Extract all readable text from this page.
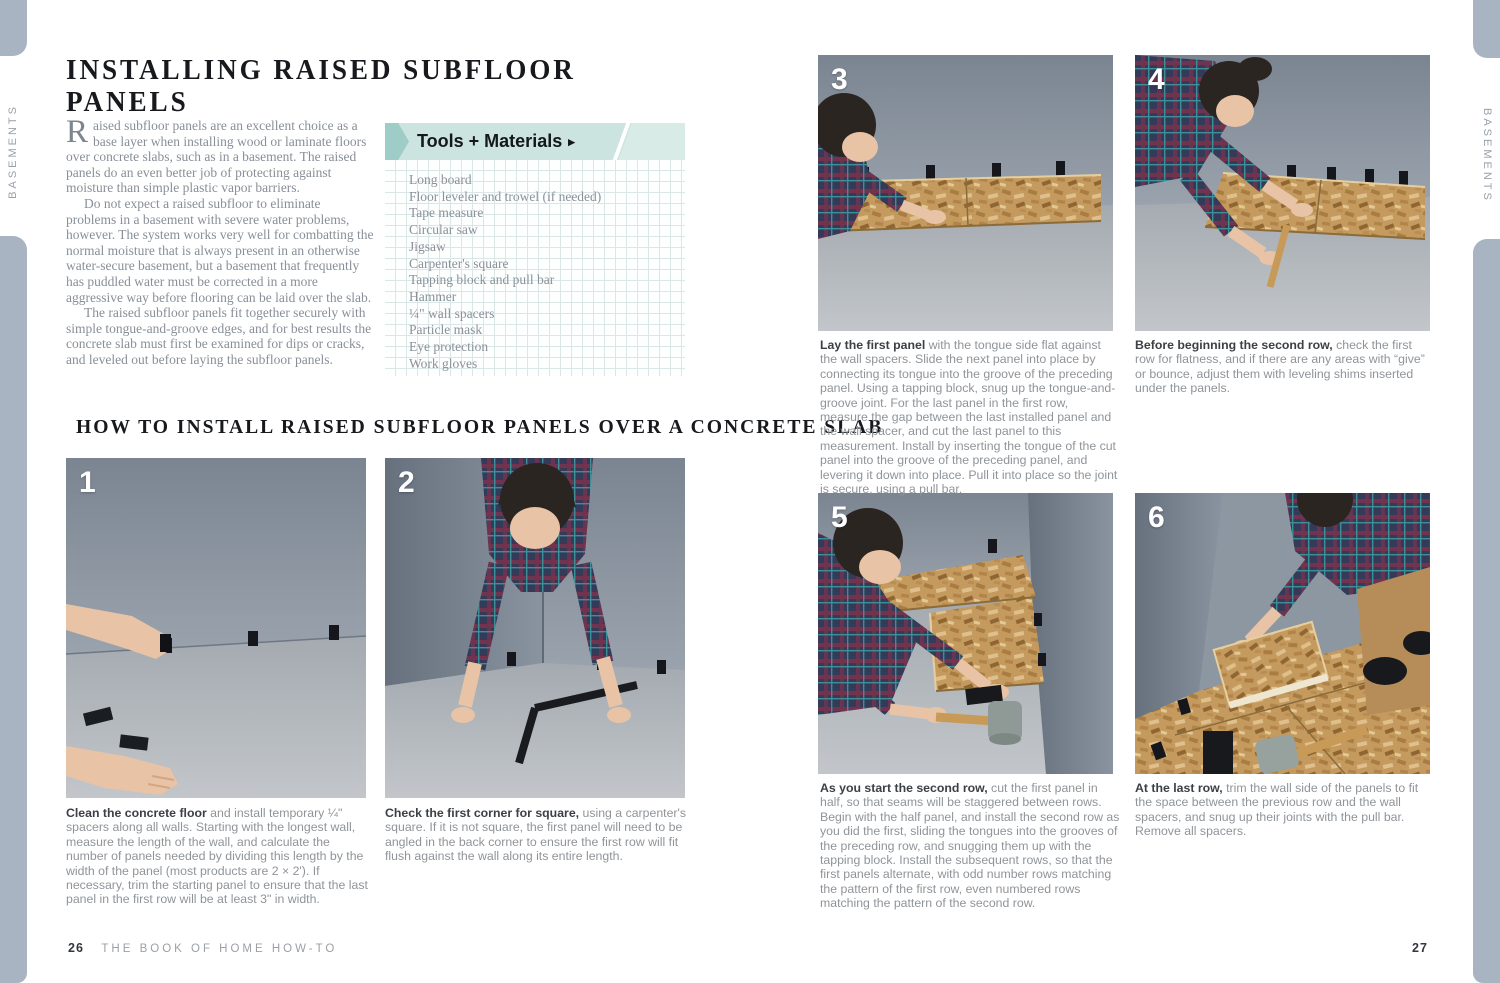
BASEMENTS	BASEMENTS
INSTALLING RAISED SUBFLOOR PANELS

Raised subfloor panels are an excellent choice as a base layer when installing wood or laminate floors over concrete slabs, such as in a basement. The raised panels do an even better job of protecting against moisture than simple plastic vapor barriers.

Do not expect a raised subfloor to eliminate problems in a basement with severe water problems, however. The system works very well for combatting the normal moisture that is always present in an otherwise water-secure basement, but a basement that frequently has puddled water must be corrected in a more aggressive way before flooring can be laid over the slab.

The raised subfloor panels fit together securely with simple tongue-and-groove edges, and for best results the concrete slab must first be examined for dips or cracks, and leveled out before laying the subfloor panels.

Tools + Materials ▸
Long board
Floor leveler and trowel (if needed)
Tape measure
Circular saw
Jigsaw
Carpenter's square
Tapping block and pull bar
Hammer
¼" wall spacers
Particle mask
Eye protection
Work gloves
HOW TO INSTALL RAISED SUBFLOOR PANELS OVER A CONCRETE SLAB
1	2
3	4
5	6

Clean the concrete floor and install temporary ¼" spacers along all walls. Starting with the longest wall, measure the length of the wall, and calculate the number of panels needed by dividing this length by the width of the panel (most products are 2 × 2'). If necessary, trim the starting panel to ensure that the last panel in the first row will be at least 3" in width.

Check the first corner for square, using a carpenter's square. If it is not square, the first panel will need to be angled in the back corner to ensure the first row will fit flush against the wall along its entire length.

Lay the first panel with the tongue side flat against the wall spacers. Slide the next panel into place by connecting its tongue into the groove of the preceding panel. Using a tapping block, snug up the tongue-and-groove joint. For the last panel in the first row, measure the gap between the last installed panel and the wall spacer, and cut the last panel to this measurement. Install by inserting the tongue of the cut panel into the groove of the preceding panel, and levering it down into place. Pull it into place so the joint is secure, using a pull bar.

Before beginning the second row, check the first row for flatness, and if there are any areas with “give” or bounce, adjust them with leveling shims inserted under the panels.

As you start the second row, cut the first panel in half, so that seams will be staggered between rows. Begin with the half panel, and install the second row as you did the first, sliding the tongues into the grooves of the preceding row, and snugging them up with the tapping block. Install the subsequent rows, so that the first panels alternate, with odd number rows matching the pattern of the first row, even numbered rows matching the pattern of the second row.

At the last row, trim the wall side of the panels to fit the space between the previous row and the wall spacers, and snug up their joints with the pull bar. Remove all spacers.

26 THE BOOK OF HOME HOW-TO	27
